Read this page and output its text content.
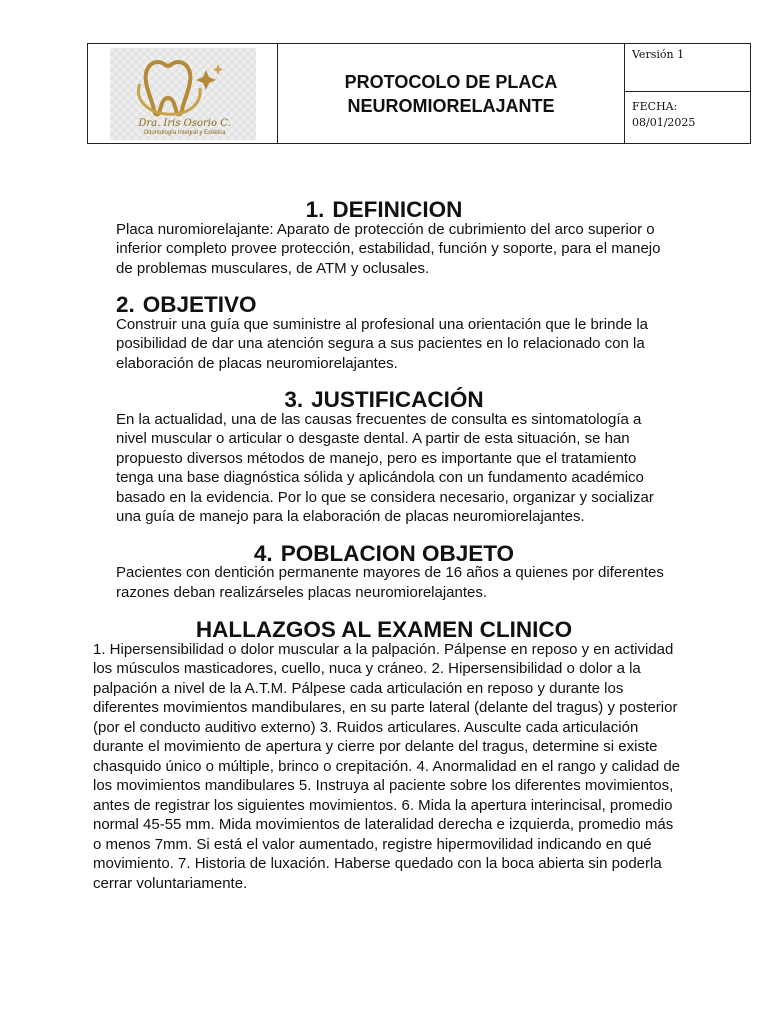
Dra. Iris Osorio C.
Odontología Integral y Estética
PROTOCOLO DE PLACA
NEUROMIORELAJANTE
Versión 1
FECHA:
08/01/2025
1. DEFINICION

Placa nuromiorelajante: Aparato de protección de cubrimiento del arco superior o inferior completo provee protección, estabilidad, función y soporte, para el manejo de problemas musculares, de ATM y oclusales.

2. OBJETIVO

Construir una guía que suministre al profesional una orientación que le brinde la posibilidad de dar una atención segura a sus pacientes en lo relacionado con la elaboración de placas neuromiorelajantes.

3. JUSTIFICACIÓN

En la actualidad, una de las causas frecuentes de consulta es sintomatología a nivel muscular o articular o desgaste dental. A partir de esta situación, se han propuesto diversos métodos de manejo, pero es importante que el tratamiento tenga una base diagnóstica sólida y aplicándola con un fundamento académico basado en la evidencia. Por lo que se considera necesario, organizar y socializar una guía de manejo para la elaboración de placas neuromiorelajantes.

4. POBLACION OBJETO

Pacientes con dentición permanente mayores de 16 años a quienes por diferentes razones deban realizárseles placas neuromiorelajantes.

HALLAZGOS AL EXAMEN CLINICO

1. Hipersensibilidad o dolor muscular a la palpación. Pálpense en reposo y en actividad los músculos masticadores, cuello, nuca y cráneo. 2. Hipersensibilidad o dolor a la palpación a nivel de la A.T.M. Pálpese cada articulación en reposo y durante los diferentes movimientos mandibulares, en su parte lateral (delante del tragus) y posterior (por el conducto auditivo externo) 3. Ruidos articulares. Ausculte cada articulación durante el movimiento de apertura y cierre por delante del tragus, determine si existe chasquido único o múltiple, brinco o crepitación. 4. Anormalidad en el rango y calidad de los movimientos mandibulares 5. Instruya al paciente sobre los diferentes movimientos, antes de registrar los siguientes movimientos. 6. Mida la apertura interincisal, promedio normal 45-55 mm. Mida movimientos de lateralidad derecha e izquierda, promedio más o menos 7mm. Si está el valor aumentado, registre hipermovilidad indicando en qué movimiento. 7. Historia de luxación. Haberse quedado con la boca abierta sin poderla cerrar voluntariamente.
